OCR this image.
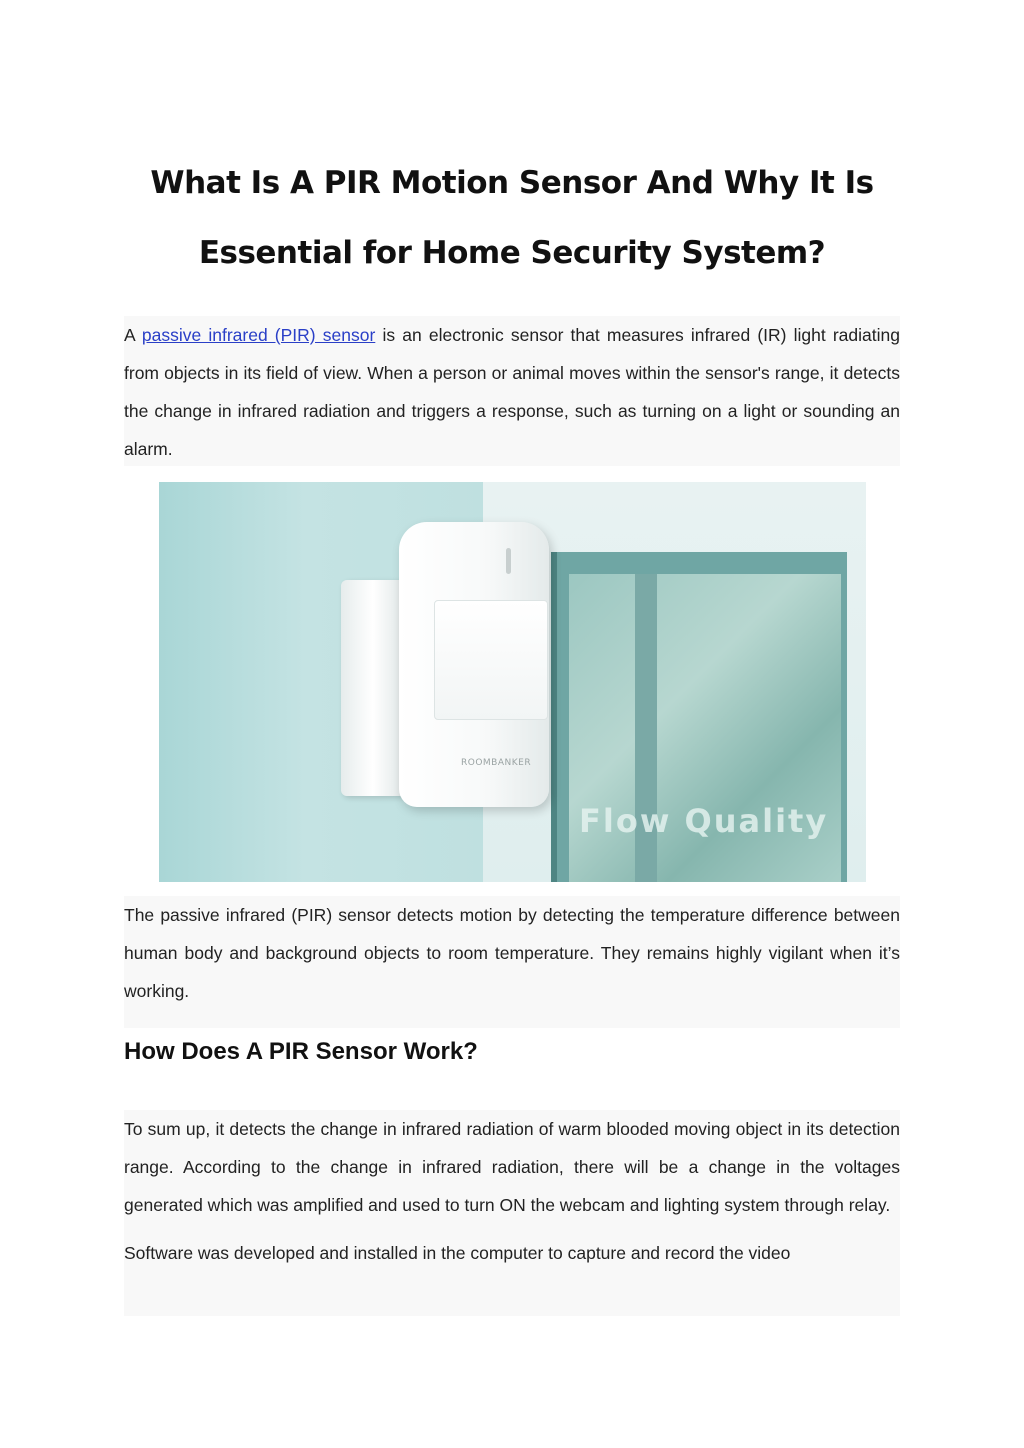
What Is A PIR Motion Sensor And Why It Is
Essential for Home Security System?

A passive infrared (PIR) sensor is an electronic sensor that measures infrared (IR) light radiating from objects in its field of view. When a person or animal moves within the sensor's range, it detects the change in infrared radiation and triggers a response, such as turning on a light or sounding an alarm.

Flow Quality
ROOMBANKER

The passive infrared (PIR) sensor detects motion by detecting the temperature difference between human body and background objects to room temperature. They remains highly vigilant when it’s working.

How Does A PIR Sensor Work?

To sum up, it detects the change in infrared radiation of warm blooded moving object in its detection range. According to the change in infrared radiation, there will be a change in the voltages generated which was amplified and used to turn ON the webcam and lighting system through relay.

Software was developed and installed in the computer to capture and record the video
